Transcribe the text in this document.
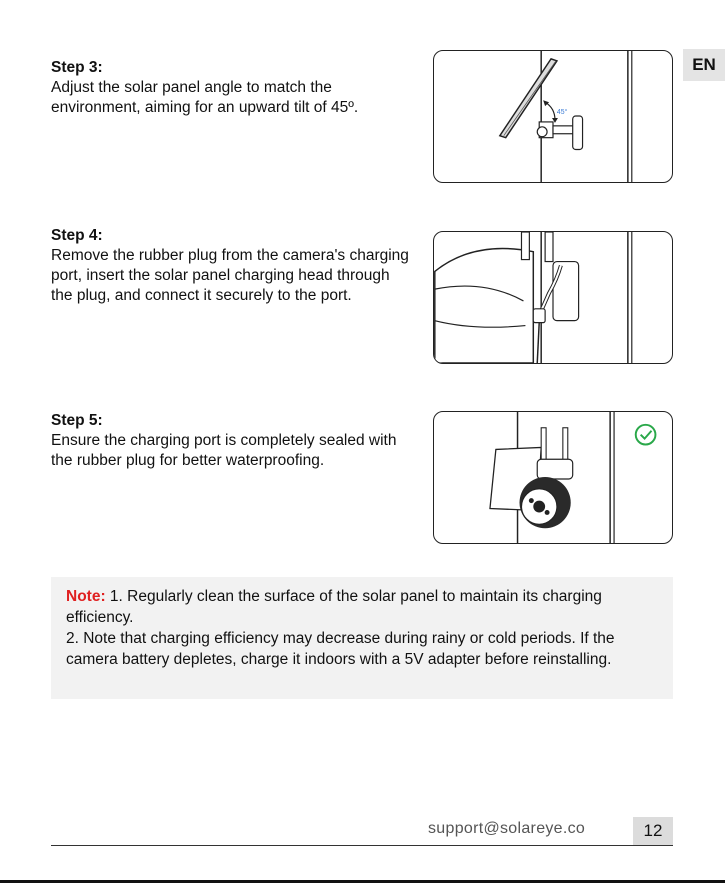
EN
Step 3:
Adjust the solar panel angle to match the environment, aiming for an upward tilt of 45º.	45°
Step 4:
Remove the rubber plug from the camera's charging port, insert the solar panel charging head through the plug, and connect it securely to the port.
Step 5:
Ensure the charging port is completely sealed with the rubber plug for better waterproofing.
Note: 1. Regularly clean the surface of the solar panel to maintain its charging efficiency.
2. Note that charging efficiency may decrease during rainy or cold periods. If the camera battery depletes, charge it indoors with a 5V adapter before reinstalling.
support@solareye.co	12
